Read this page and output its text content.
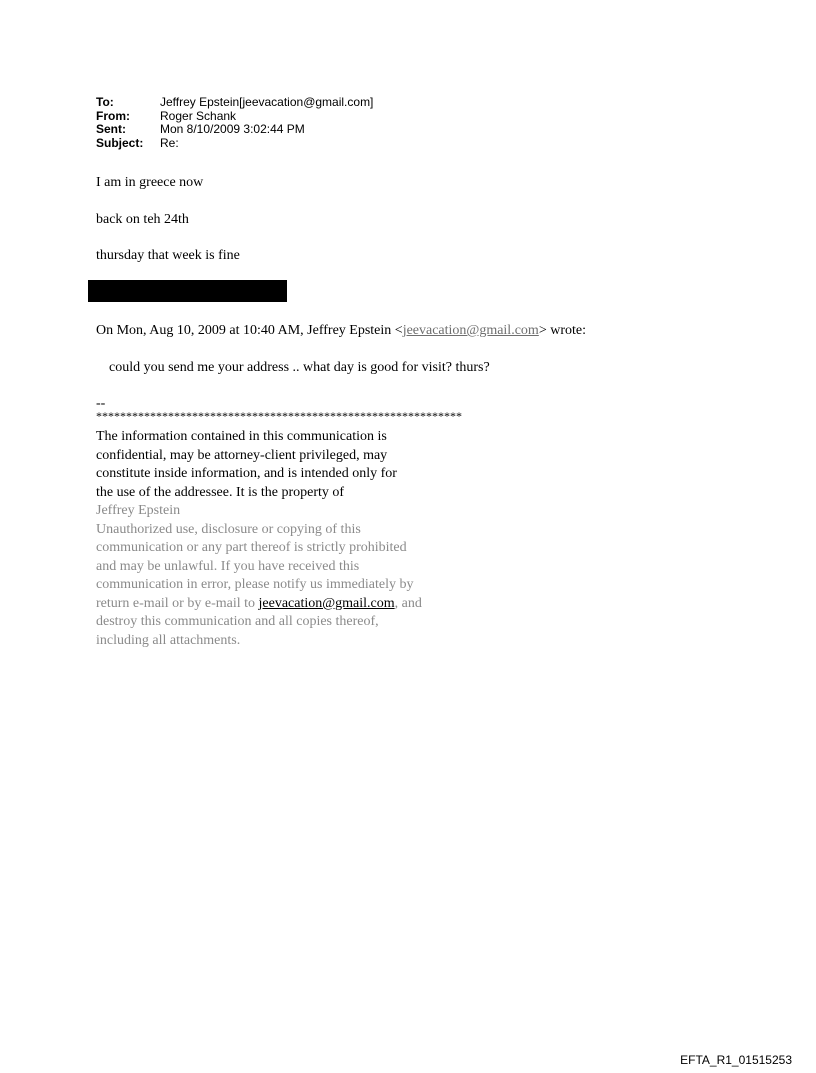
To:	Jeffrey Epstein[jeevacation@gmail.com]
From:	Roger Schank
Sent:	Mon 8/10/2009 3:02:44 PM
Subject:	Re:
I am in greece now
back on teh 24th
thursday that week is fine
On Mon, Aug 10, 2009 at 10:40 AM, Jeffrey Epstein <jeevacation@gmail.com> wrote:
could you send me your address .. what day is good for visit? thurs?
--
*************************************************************
The information contained in this communication is
confidential, may be attorney-client privileged, may
constitute inside information, and is intended only for
the use of the addressee. It is the property of
Jeffrey Epstein
Unauthorized use, disclosure or copying of this
communication or any part thereof is strictly prohibited
and may be unlawful. If you have received this
communication in error, please notify us immediately by
return e-mail or by e-mail to jeevacation@gmail.com, and
destroy this communication and all copies thereof,
including all attachments.
EFTA_R1_01515253
